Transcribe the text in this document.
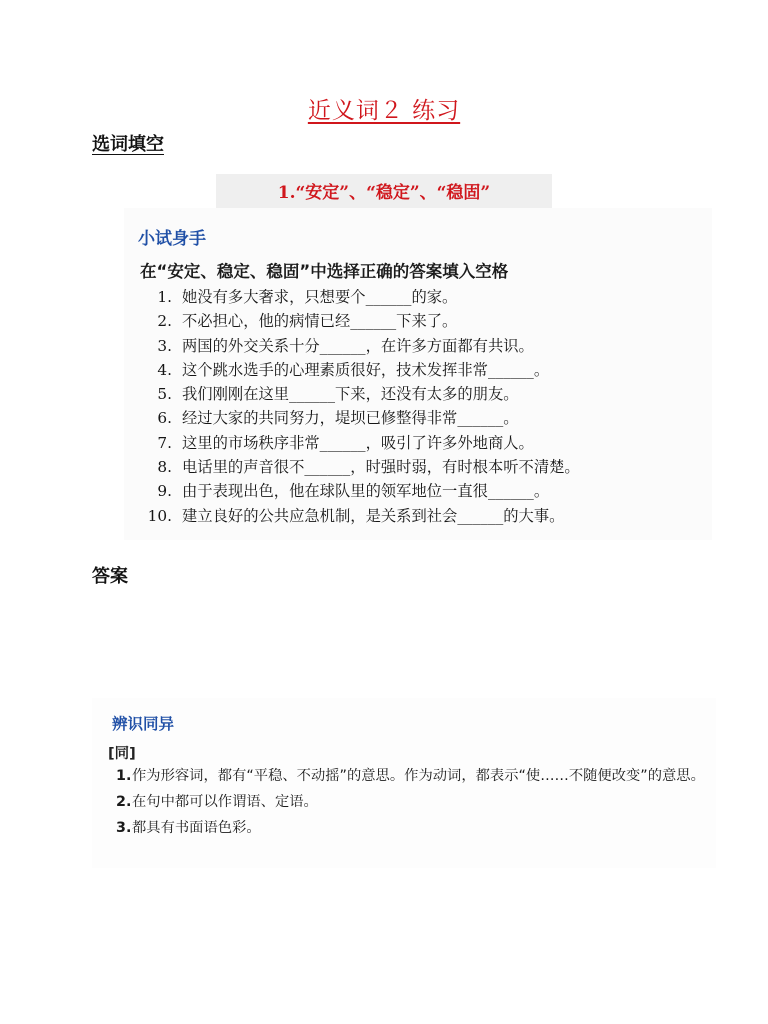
近义词２ 练习
选词填空
1.“安定”、“稳定”、“稳固”
小试身手
在“安定、稳定、稳固”中选择正确的答案填入空格
1. 她没有多大奢求，只想要个______的家。
2. 不必担心，他的病情已经______下来了。
3. 两国的外交关系十分______，在许多方面都有共识。
4. 这个跳水选手的心理素质很好，技术发挥非常______。
5. 我们刚刚在这里______下来，还没有太多的朋友。
6. 经过大家的共同努力，堤坝已修整得非常______。
7. 这里的市场秩序非常______，吸引了许多外地商人。
8. 电话里的声音很不______，时强时弱，有时根本听不清楚。
9. 由于表现出色，他在球队里的领军地位一直很______。
10. 建立良好的公共应急机制，是关系到社会______的大事。
答案
辨识同异
[同]
1. 作为形容词，都有“平稳、不动摇”的意思。作为动词，都表示“使……不随便改变”的意思。
2. 在句中都可以作谓语、定语。
3. 都具有书面语色彩。
